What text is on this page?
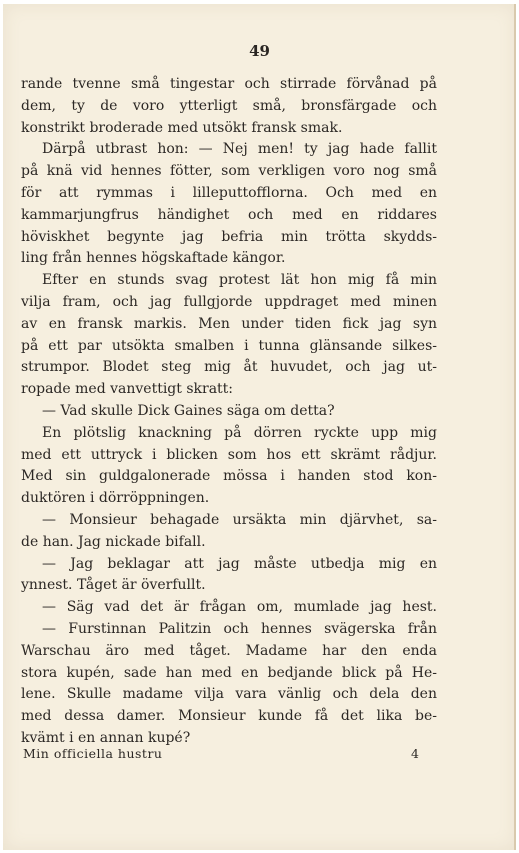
49
rande tvenne små tingestar och stirrade förvånad på
dem, ty de voro ytterligt små, bronsfärgade och
konstrikt broderade med utsökt fransk smak.
Därpå utbrast hon: — Nej men! ty jag hade fallit
på knä vid hennes fötter, som verkligen voro nog små
för att rymmas i lilleputtofflorna. Och med en
kammarjungfrus händighet och med en riddares
höviskhet begynte jag befria min trötta skydds-
ling från hennes högskaftade kängor.
Efter en stunds svag protest lät hon mig få min
vilja fram, och jag fullgjorde uppdraget med minen
av en fransk markis. Men under tiden fick jag syn
på ett par utsökta smalben i tunna glänsande silkes-
strumpor. Blodet steg mig åt huvudet, och jag ut-
ropade med vanvettigt skratt:
— Vad skulle Dick Gaines säga om detta?
En plötslig knackning på dörren ryckte upp mig
med ett uttryck i blicken som hos ett skrämt rådjur.
Med sin guldgalonerade mössa i handen stod kon-
duktören i dörröppningen.
— Monsieur behagade ursäkta min djärvhet, sa-
de han. Jag nickade bifall.
— Jag beklagar att jag måste utbedja mig en
ynnest. Tåget är överfullt.
— Säg vad det är frågan om, mumlade jag hest.
— Furstinnan Palitzin och hennes svägerska från
Warschau äro med tåget. Madame har den enda
stora kupén, sade han med en bedjande blick på He-
lene. Skulle madame vilja vara vänlig och dela den
med dessa damer. Monsieur kunde få det lika be-
kvämt i en annan kupé?
Min officiella hustru	4
